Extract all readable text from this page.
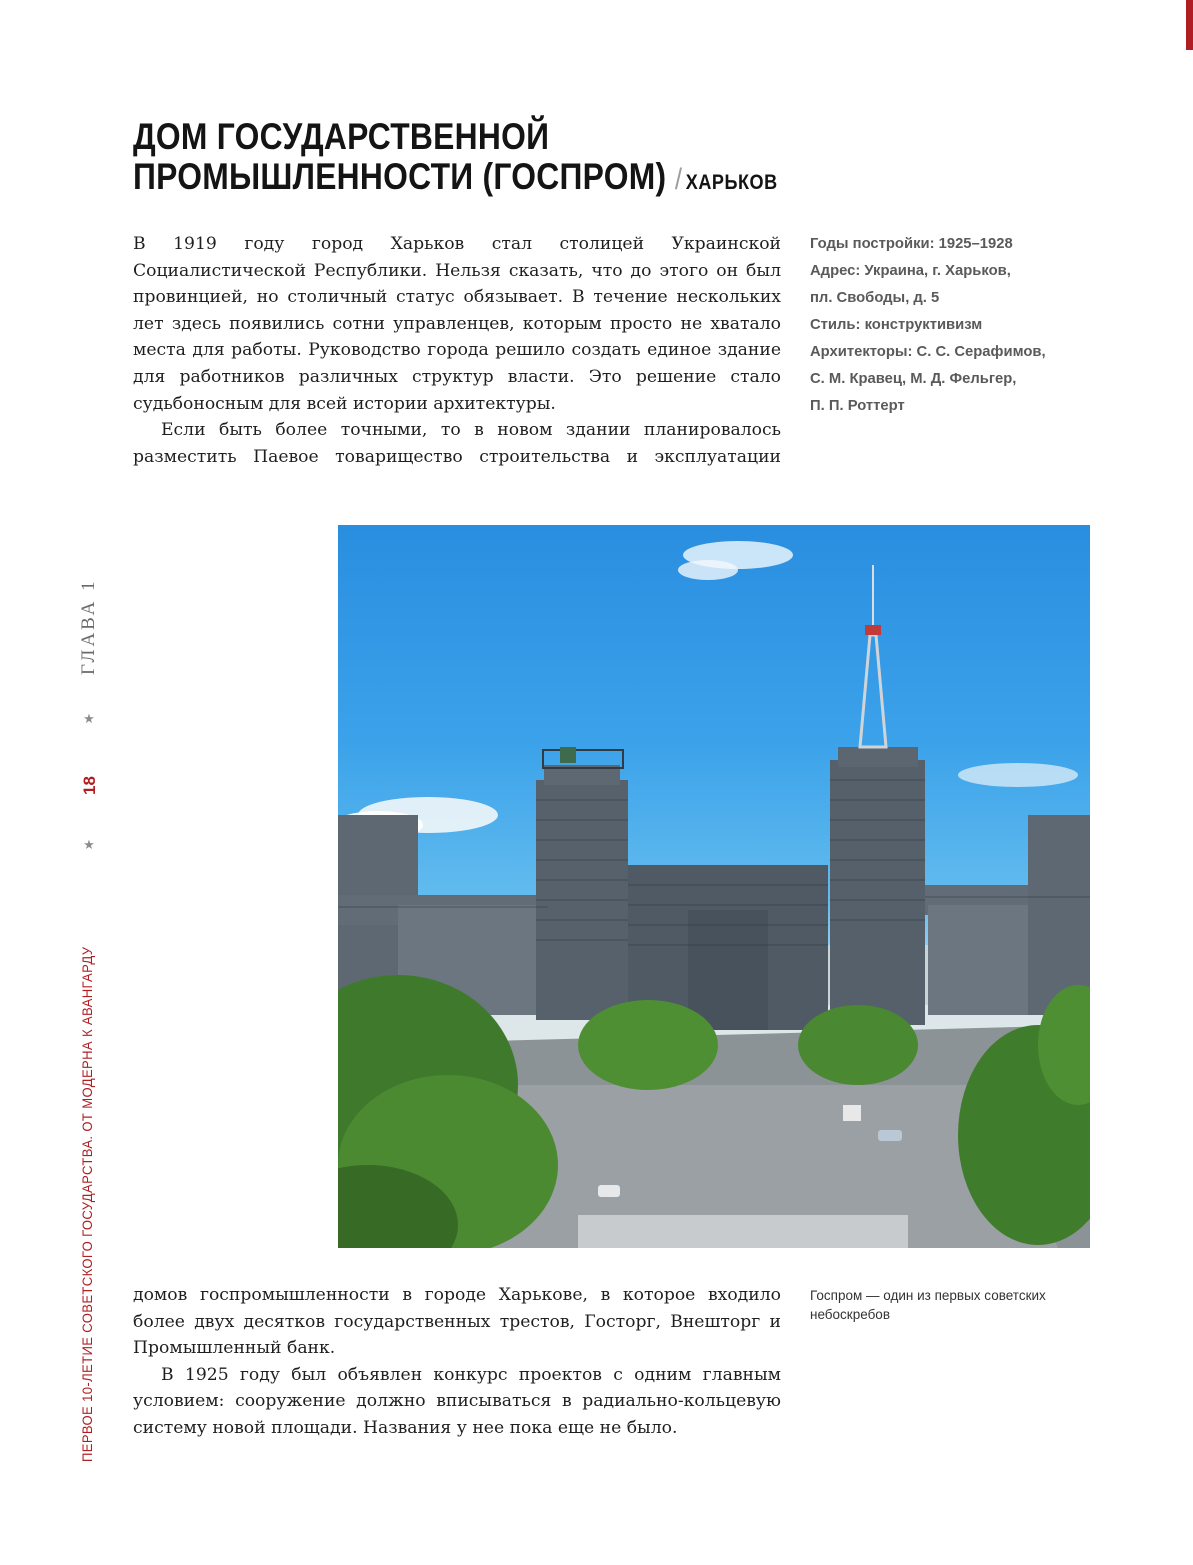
ДОМ ГОСУДАРСТВЕННОЙ
ПРОМЫШЛЕННОСТИ (ГОСПРОМ) / ХАРЬКОВ

В 1919 году город Харьков стал столицей Украинской Социалистической Республики. Нельзя сказать, что до этого он был провинцией, но столичный статус обязывает. В течение нескольких лет здесь появились сотни управленцев, которым просто не хватало места для работы. Руководство города решило создать единое здание для работников различных структур власти. Это решение стало судьбоносным для всей истории архитектуры.

Если быть более точными, то в новом здании планировалось разместить Паевое товарищество строительства и эксплуатации

Годы постройки: 1925–1928
Адрес: Украина, г. Харьков,
пл. Свободы, д. 5
Стиль: конструктивизм
Архитекторы: С. С. Серафимов,
С. М. Кравец, М. Д. Фельгер,
П. П. Роттерт

домов госпромышленности в городе Харькове, в которое входило более двух десятков государственных трестов, Госторг, Внешторг и Промышленный банк.

В 1925 году был объявлен конкурс проектов с одним главным условием: сооружение должно вписываться в радиально-кольцевую систему новой площади. Названия у нее пока еще не было.

Госпром — один из первых советских небоскребов
ГЛАВА 1
★
18
★
ПЕРВОЕ 10-ЛЕТИЕ СОВЕТСКОГО ГОСУДАРСТВА. ОТ МОДЕРНА К АВАНГАРДУ
